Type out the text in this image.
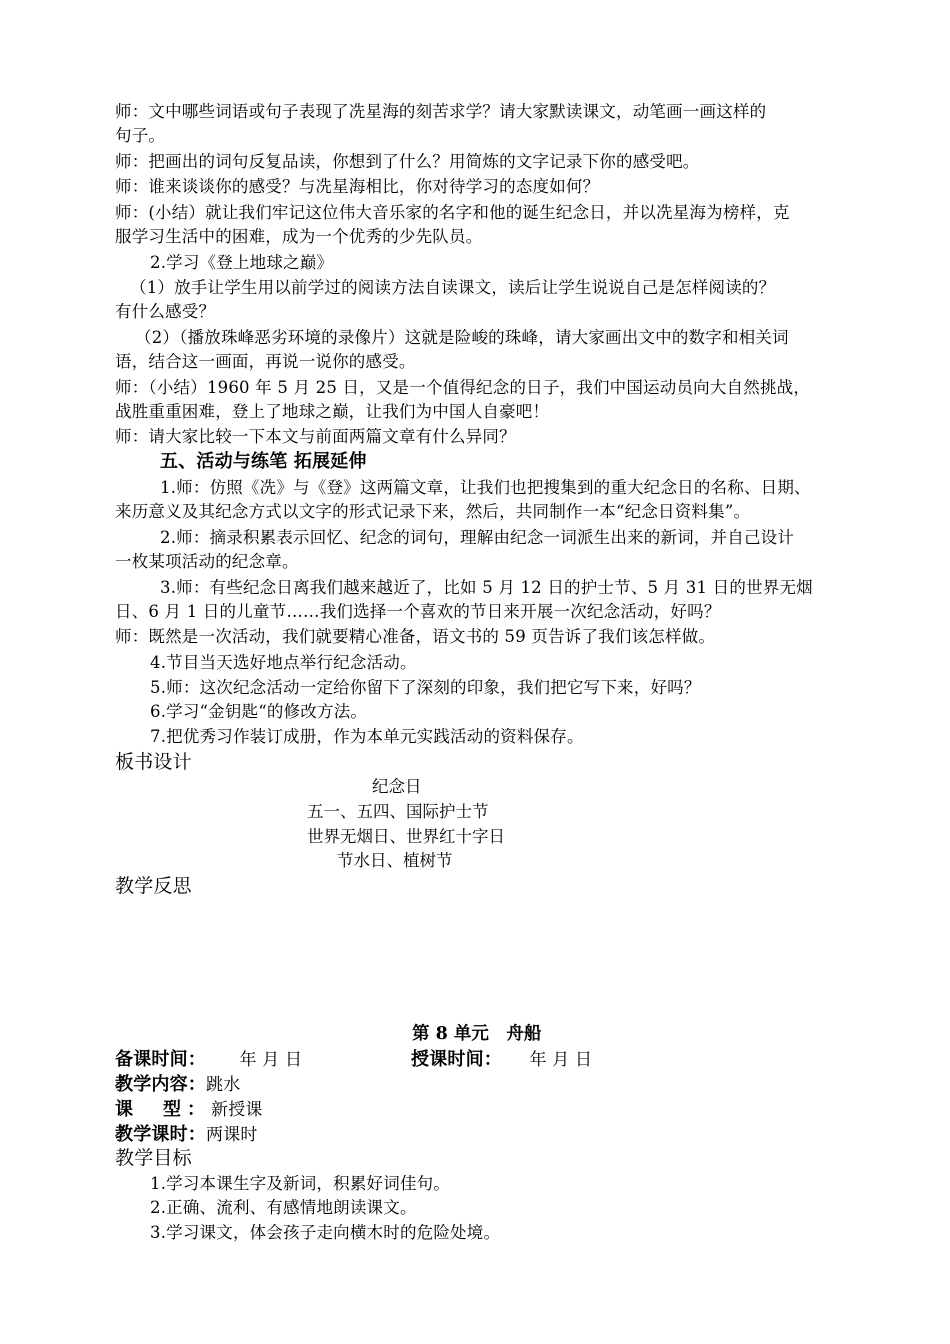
师：文中哪些词语或句子表现了冼星海的刻苦求学？请大家默读课文，动笔画一画这样的
句子。
师：把画出的词句反复品读，你想到了什么？用简炼的文字记录下你的感受吧。
师：谁来谈谈你的感受？与冼星海相比，你对待学习的态度如何？
师：(小结）就让我们牢记这位伟大音乐家的名字和他的诞生纪念日，并以冼星海为榜样，克
服学习生活中的困难，成为一个优秀的少先队员。
2.学习《登上地球之巅》
（1）放手让学生用以前学过的阅读方法自读课文，读后让学生说说自己是怎样阅读的？
有什么感受？
（2）（播放珠峰恶劣环境的录像片）这就是险峻的珠峰，请大家画出文中的数字和相关词
语，结合这一画面，再说一说你的感受。
师：（小结）1960 年 5 月 25 日，又是一个值得纪念的日子，我们中国运动员向大自然挑战，
战胜重重困难，登上了地球之巅，让我们为中国人自豪吧！
师：请大家比较一下本文与前面两篇文章有什么异同？
五、活动与练笔 拓展延伸
1.师：仿照《冼》与《登》这两篇文章，让我们也把搜集到的重大纪念日的名称、日期、
来历意义及其纪念方式以文字的形式记录下来，然后，共同制作一本“纪念日资料集”。
2.师：摘录积累表示回忆、纪念的词句，理解由纪念一词派生出来的新词，并自己设计
一枚某项活动的纪念章。
3.师：有些纪念日离我们越来越近了，比如 5 月 12 日的护士节、5 月 31 日的世界无烟
日、6 月 1 日的儿童节……我们选择一个喜欢的节日来开展一次纪念活动，好吗？
师：既然是一次活动，我们就要精心准备，语文书的 59 页告诉了我们该怎样做。
4.节目当天选好地点举行纪念活动。
5.师：这次纪念活动一定给你留下了深刻的印象，我们把它写下来，好吗？
6.学习“金钥匙“的修改方法。
7.把优秀习作装订成册，作为本单元实践活动的资料保存。
板书设计
纪念日
五一、五四、国际护士节
世界无烟日、世界红十字日
节水日、植树节
教学反思
第 8 单元　舟船
备课时间： 年 月 日	授课时间： 年 月 日
教学内容：跳水
课　型：新授课
教学课时：两课时
教学目标
1.学习本课生字及新词，积累好词佳句。
2.正确、流利、有感情地朗读课文。
3.学习课文，体会孩子走向横木时的危险处境。
